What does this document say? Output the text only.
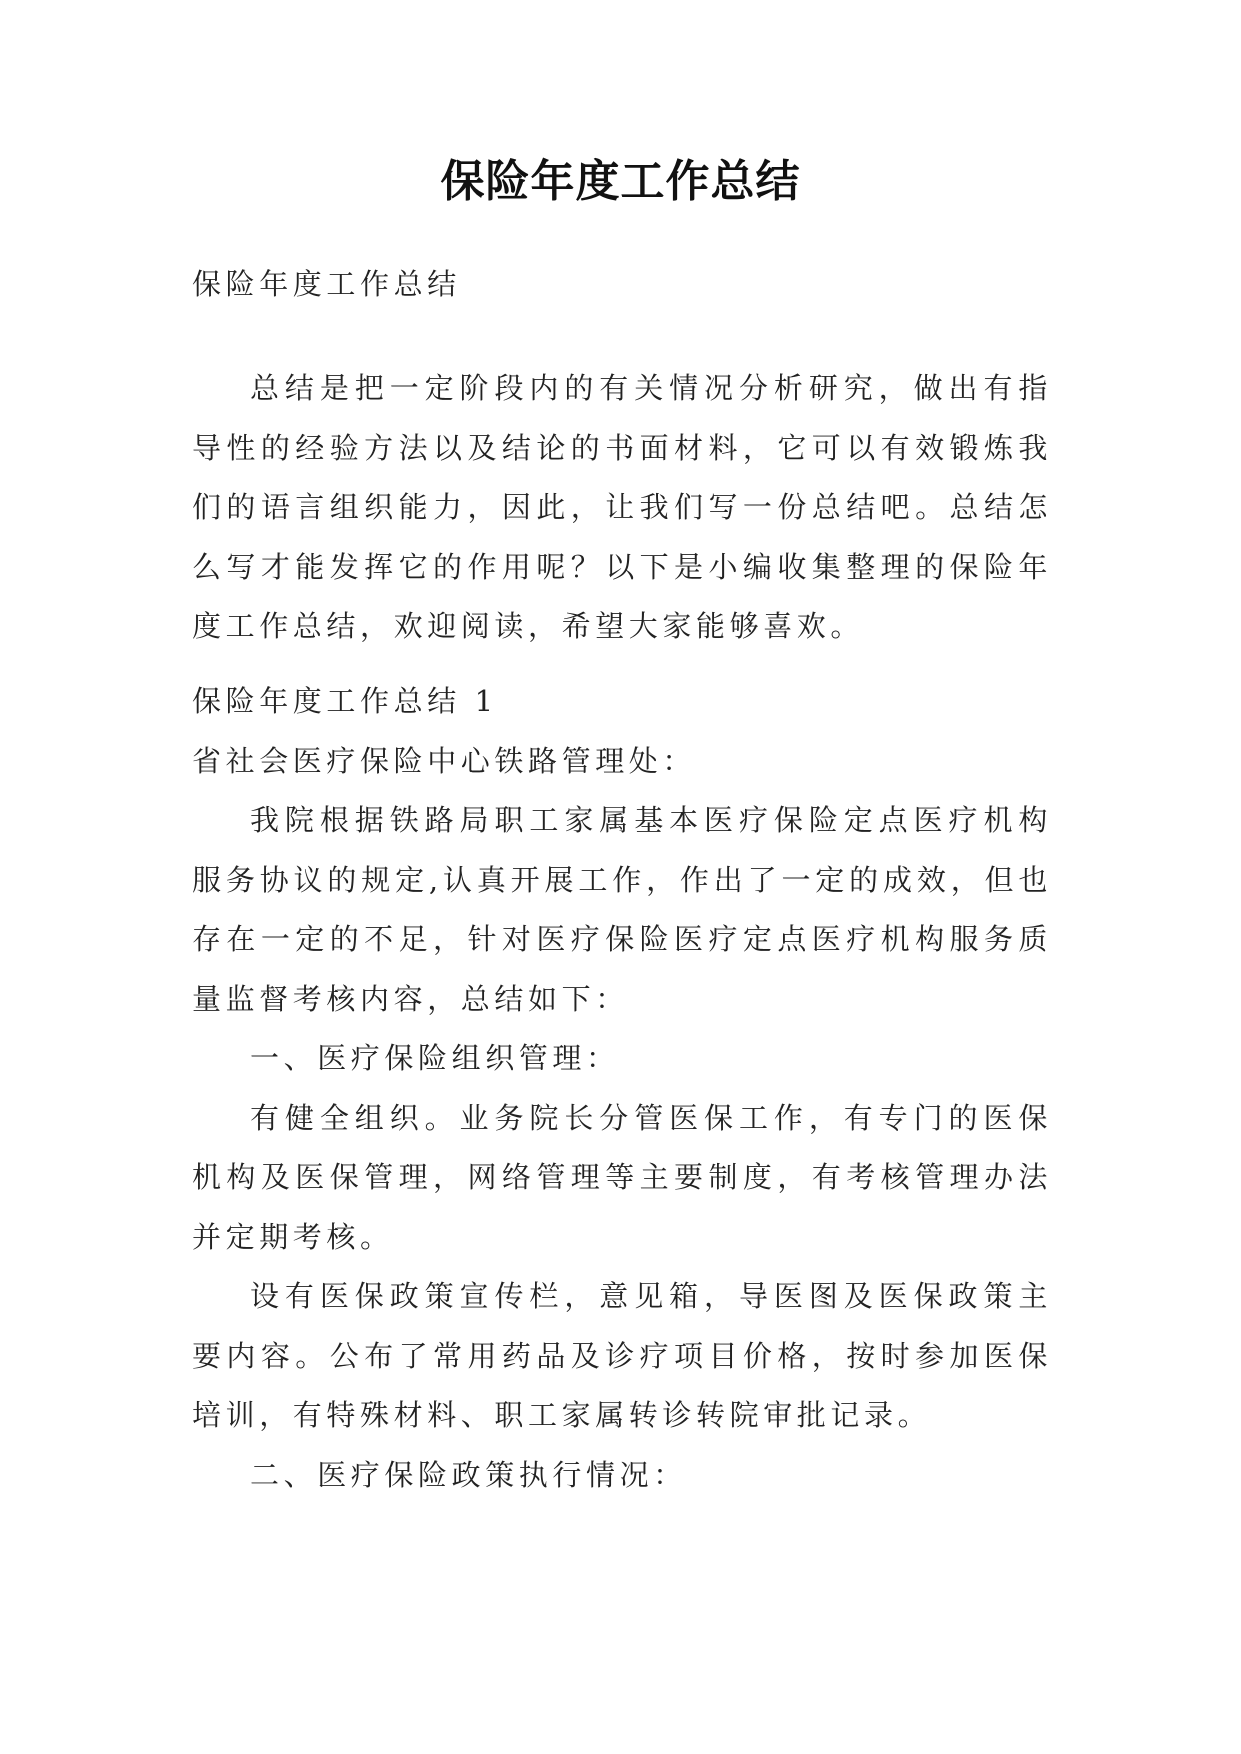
保险年度工作总结

保险年度工作总结

总结是把一定阶段内的有关情况分析研究，做出有指导性的经验方法以及结论的书面材料，它可以有效锻炼我们的语言组织能力，因此，让我们写一份总结吧。总结怎么写才能发挥它的作用呢？以下是小编收集整理的保险年度工作总结，欢迎阅读，希望大家能够喜欢。

保险年度工作总结 1

省社会医疗保险中心铁路管理处：

我院根据铁路局职工家属基本医疗保险定点医疗机构服务协议的规定,认真开展工作，作出了一定的成效，但也存在一定的不足，针对医疗保险医疗定点医疗机构服务质量监督考核内容，总结如下：

一、医疗保险组织管理：

有健全组织。业务院长分管医保工作，有专门的医保机构及医保管理，网络管理等主要制度，有考核管理办法并定期考核。

设有医保政策宣传栏，意见箱，导医图及医保政策主要内容。公布了常用药品及诊疗项目价格，按时参加医保培训，有特殊材料、职工家属转诊转院审批记录。

二、医疗保险政策执行情况：
